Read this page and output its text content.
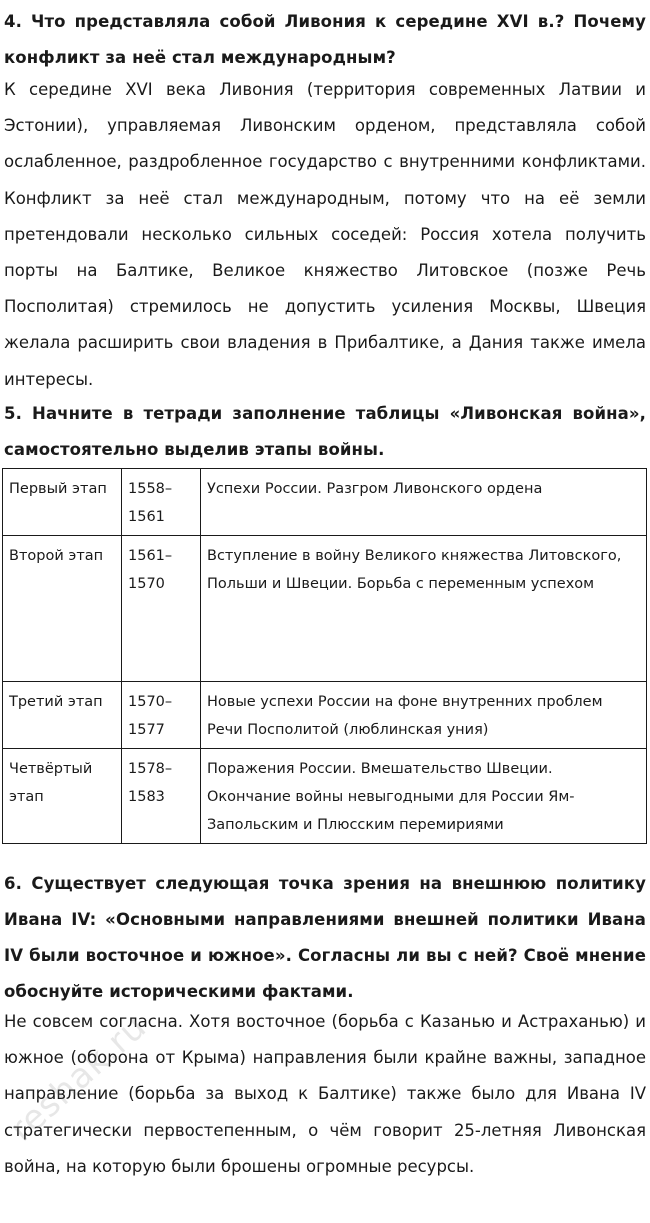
4. Что представляла собой Ливония к середине XVI в.? Почему конфликт за неё стал международным?
К середине XVI века Ливония (территория современных Латвии и Эстонии), управляемая Ливонским орденом, представляла собой ослабленное, раздробленное государство с внутренними конфликтами. Конфликт за неё стал международным, потому что на её земли претендовали несколько сильных соседей: Россия хотела получить порты на Балтике, Великое княжество Литовское (позже Речь Посполитая) стремилось не допустить усиления Москвы, Швеция желала расширить свои владения в Прибалтике, а Дания также имела интересы.
5. Начните в тетради заполнение таблицы «Ливонская война», самостоятельно выделив этапы войны.
Первый этап	1558–1561	Успехи России. Разгром Ливонского ордена
Второй этап	1561–1570	Вступление в войну Великого княжества Литовского, Польши и Швеции. Борьба с переменным успехом
Третий этап	1570–1577	Новые успехи России на фоне внутренних проблем Речи Посполитой (люблинская уния)
Четвёртый этап	1578–1583	Поражения России. Вмешательство Швеции. Окончание войны невыгодными для России Ям-Запольским и Плюсским перемириями
6. Существует следующая точка зрения на внешнюю политику Ивана IV: «Основными направлениями внешней политики Ивана IV были восточное и южное». Согласны ли вы с ней? Своё мнение обоснуйте историческими фактами.
Не совсем согласна. Хотя восточное (борьба с Казанью и Астраханью) и южное (оборона от Крыма) направления были крайне важны, западное направление (борьба за выход к Балтике) также было для Ивана IV стратегически первостепенным, о чём говорит 25-летняя Ливонская война, на которую были брошены огромные ресурсы.
reshak.ru
